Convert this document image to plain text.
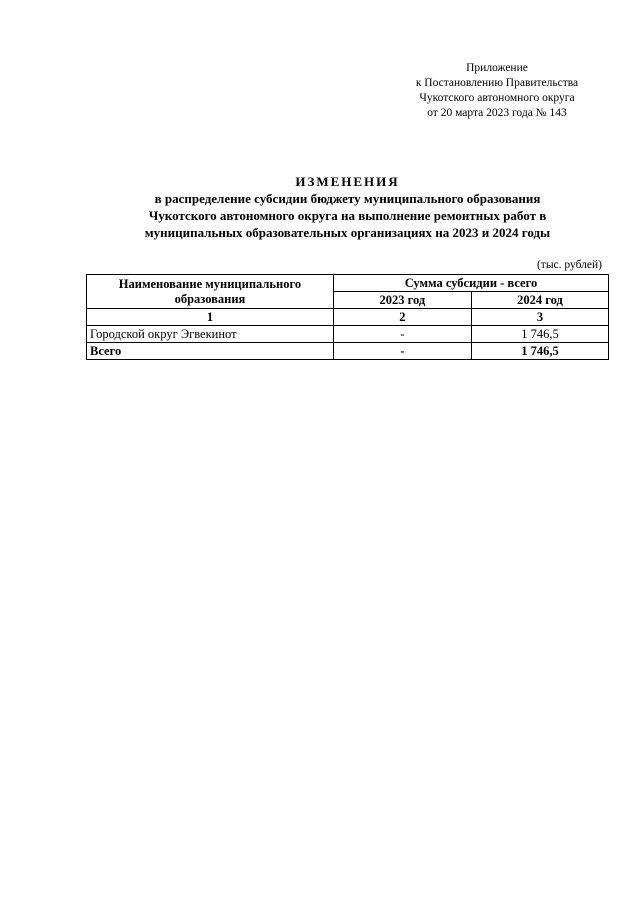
Приложение
к Постановлению Правительства
Чукотского автономного округа
от 20 марта 2023 года № 143
ИЗМЕНЕНИЯ
в распределение субсидии бюджету муниципального образования
Чукотского автономного округа на выполнение ремонтных работ в
муниципальных образовательных организациях на 2023 и 2024 годы
(тыс. рублей)
Наименование муниципального образования	Сумма субсидии - всего	
	2023 год	2024 год
1	2	3
Городской округ Эгвекинот	-	1 746,5
Всего	-	1 746,5
